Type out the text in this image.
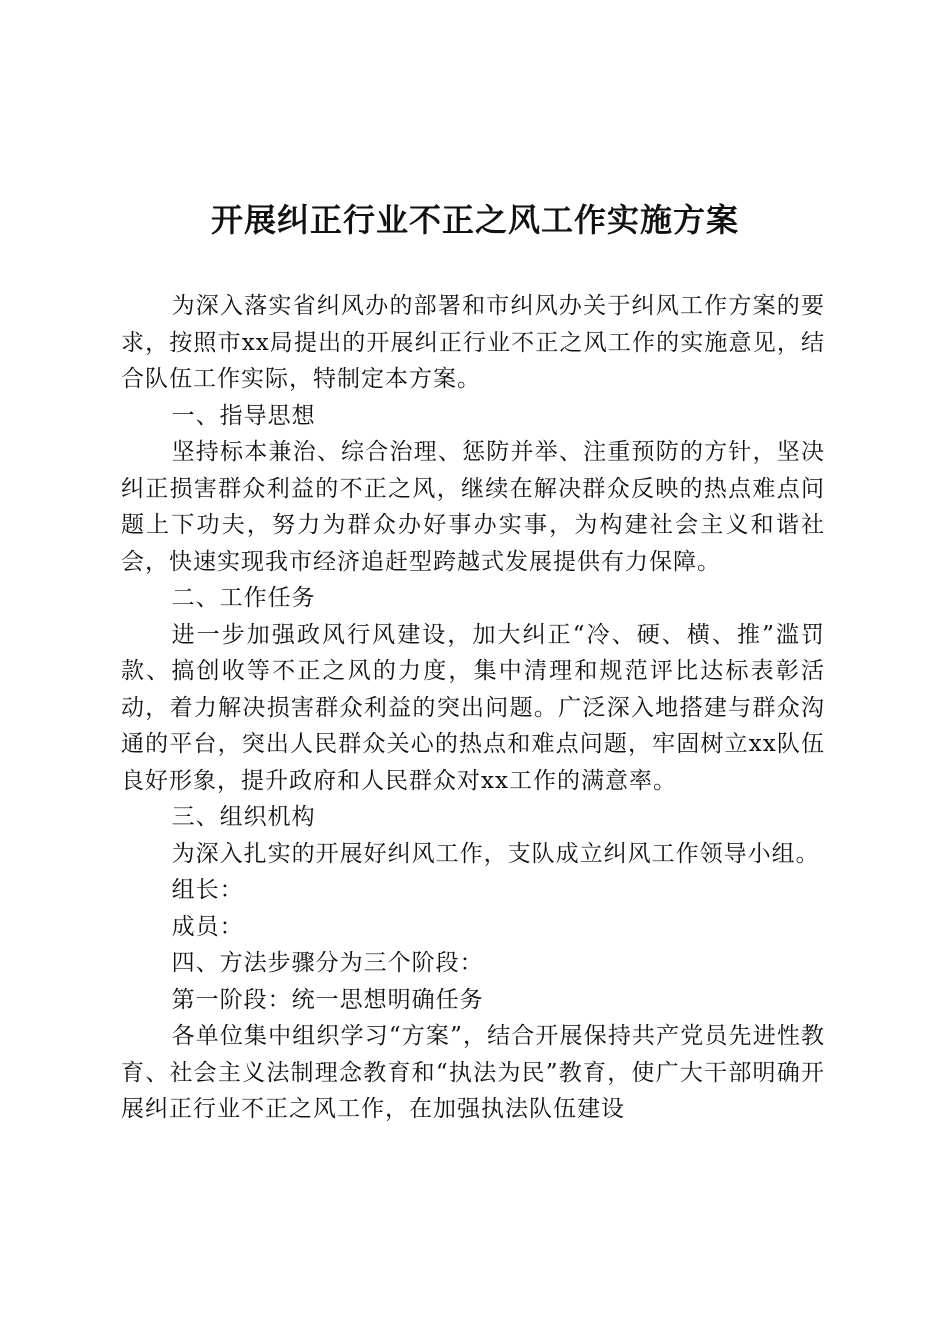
开展纠正行业不正之风工作实施方案

为深入落实省纠风办的部署和市纠风办关于纠风工作方案的要求，按照市xx局提出的开展纠正行业不正之风工作的实施意见，结合队伍工作实际，特制定本方案。

一、指导思想

坚持标本兼治、综合治理、惩防并举、注重预防的方针，坚决纠正损害群众利益的不正之风，继续在解决群众反映的热点难点问题上下功夫，努力为群众办好事办实事，为构建社会主义和谐社会，快速实现我市经济追赶型跨越式发展提供有力保障。

二、工作任务

进一步加强政风行风建设，加大纠正“冷、硬、横、推”滥罚款、搞创收等不正之风的力度，集中清理和规范评比达标表彰活动，着力解决损害群众利益的突出问题。广泛深入地搭建与群众沟通的平台，突出人民群众关心的热点和难点问题，牢固树立xx队伍良好形象，提升政府和人民群众对xx工作的满意率。

三、组织机构

为深入扎实的开展好纠风工作，支队成立纠风工作领导小组。

组长：

成员：

四、方法步骤分为三个阶段：

第一阶段：统一思想明确任务

各单位集中组织学习“方案”，结合开展保持共产党员先进性教育、社会主义法制理念教育和“执法为民”教育，使广大干部明确开展纠正行业不正之风工作，在加强执法队伍建设
